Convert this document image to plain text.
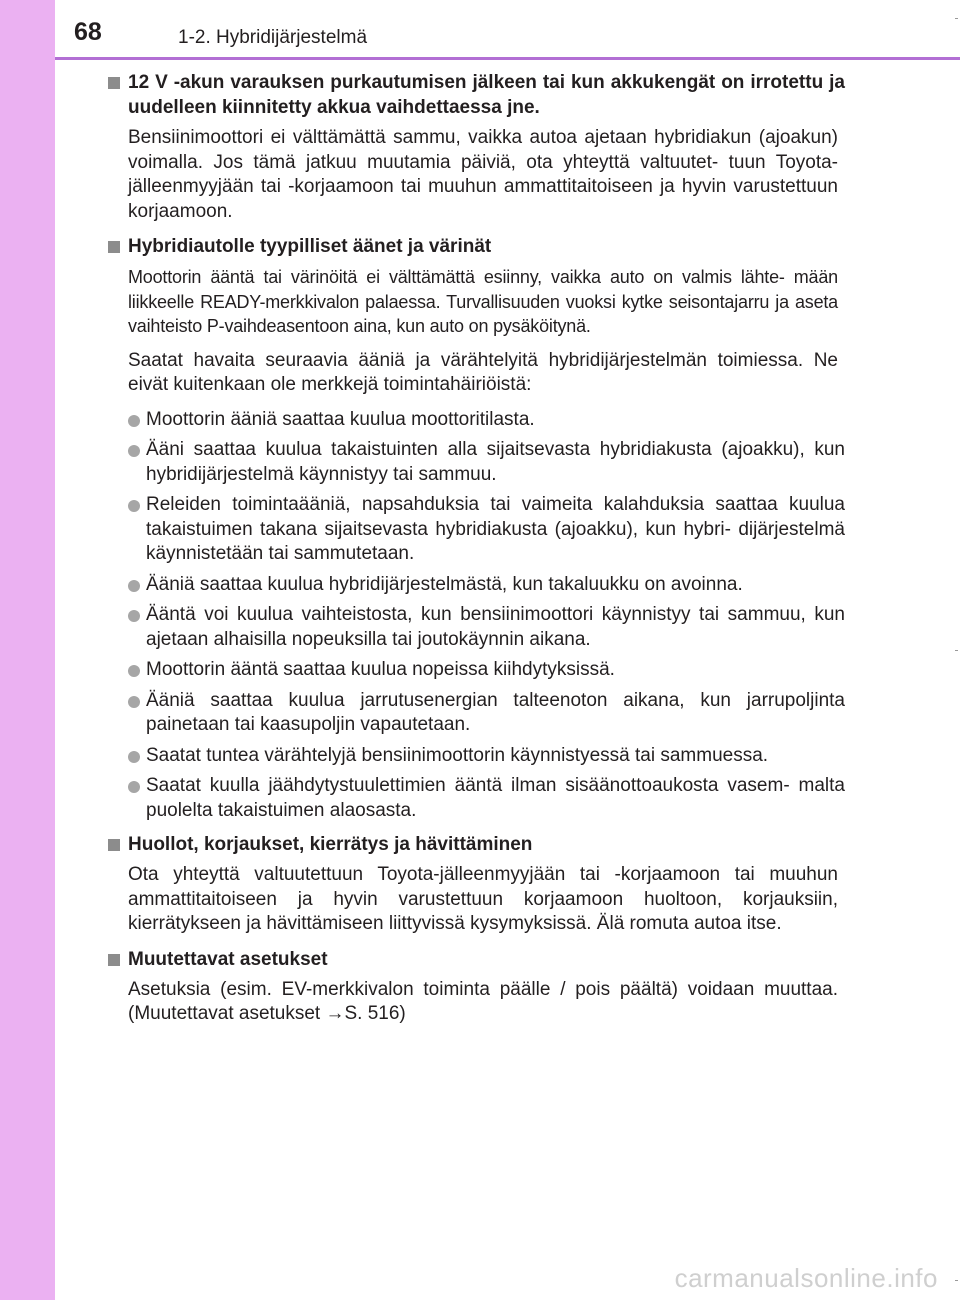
68	1-2. Hybridijärjestelmä
12 V -akun varauksen purkautumisen jälkeen tai kun akkukengät on irrotettu ja uudelleen kiinnitetty akkua vaihdettaessa jne.
Bensiinimoottori ei välttämättä sammu, vaikka autoa ajetaan hybridiakun (ajoakun) voimalla. Jos tämä jatkuu muutamia päiviä, ota yhteyttä valtuutet- tuun Toyota-jälleenmyyjään tai -korjaamoon tai muuhun ammattitaitoiseen ja hyvin varustettuun korjaamoon.
Hybridiautolle tyypilliset äänet ja värinät
Moottorin ääntä tai värinöitä ei välttämättä esiinny, vaikka auto on valmis lähte- mään liikkeelle READY-merkkivalon palaessa. Turvallisuuden vuoksi kytke seisontajarru ja aseta vaihteisto P-vaihdeasentoon aina, kun auto on pysäköitynä.
Saatat havaita seuraavia ääniä ja värähtelyitä hybridijärjestelmän toimiessa. Ne eivät kuitenkaan ole merkkejä toimintahäiriöistä:
Moottorin ääniä saattaa kuulua moottoritilasta.
Ääni saattaa kuulua takaistuinten alla sijaitsevasta hybridiakusta (ajoakku), kun hybridijärjestelmä käynnistyy tai sammuu.
Releiden toimintaääniä, napsahduksia tai vaimeita kalahduksia saattaa kuulua takaistuimen takana sijaitsevasta hybridiakusta (ajoakku), kun hybri- dijärjestelmä käynnistetään tai sammutetaan.
Ääniä saattaa kuulua hybridijärjestelmästä, kun takaluukku on avoinna.
Ääntä voi kuulua vaihteistosta, kun bensiinimoottori käynnistyy tai sammuu, kun ajetaan alhaisilla nopeuksilla tai joutokäynnin aikana.
Moottorin ääntä saattaa kuulua nopeissa kiihdytyksissä.
Ääniä saattaa kuulua jarrutusenergian talteenoton aikana, kun jarrupoljinta painetaan tai kaasupoljin vapautetaan.
Saatat tuntea värähtelyjä bensiinimoottorin käynnistyessä tai sammuessa.
Saatat kuulla jäähdytystuulettimien ääntä ilman sisäänottoaukosta vasem- malta puolelta takaistuimen alaosasta.
Huollot, korjaukset, kierrätys ja hävittäminen
Ota yhteyttä valtuutettuun Toyota-jälleenmyyjään tai -korjaamoon tai muuhun ammattitaitoiseen ja hyvin varustettuun korjaamoon huoltoon, korjauksiin, kierrätykseen ja hävittämiseen liittyvissä kysymyksissä. Älä romuta autoa itse.
Muutettavat asetukset
Asetuksia (esim. EV-merkkivalon toiminta päälle / pois päältä) voidaan muuttaa. (Muutettavat asetukset →S. 516)
carmanualsonline.info
